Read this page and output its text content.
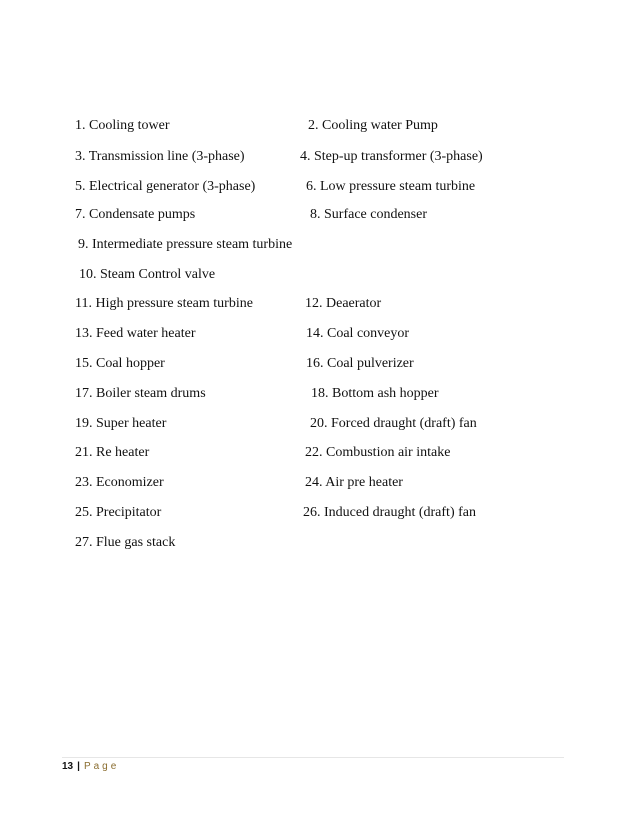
1. Cooling tower	2. Cooling water Pump
3. Transmission line (3-phase)	4. Step-up transformer (3-phase)
5. Electrical generator (3-phase)	6. Low pressure steam turbine
7. Condensate pumps	8. Surface condenser
9. Intermediate pressure steam turbine
10. Steam Control valve
11. High pressure steam turbine	12. Deaerator
13. Feed water heater	14. Coal conveyor
15. Coal hopper	16. Coal pulverizer
17. Boiler steam drums	18. Bottom ash hopper
19. Super heater	20. Forced draught (draft) fan
21. Re heater	22. Combustion air intake
23. Economizer	24. Air pre heater
25. Precipitator	26. Induced draught (draft) fan
27. Flue gas stack
13 | Page
